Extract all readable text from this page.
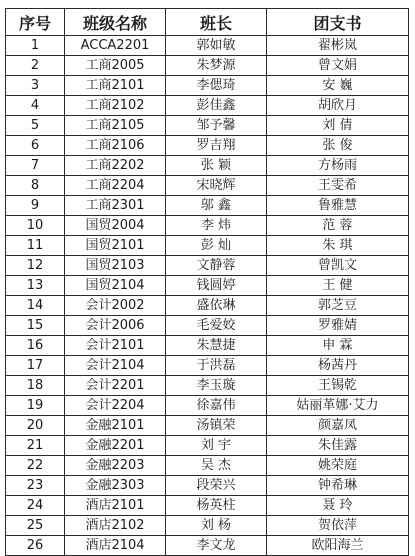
序号	班级名称	班长	团支书
1	ACCA2201	郭如敏	翟彬岚
2	工商2005	朱梦源	曾文娟
3	工商2101	李偲琦	安 巍
4	工商2102	彭佳鑫	胡欣月
5	工商2105	邹予馨	刘 倩
6	工商2106	罗吉翔	张 俊
7	工商2202	张 颖	方杨雨
8	工商2204	宋晓辉	王雯希
9	工商2301	邬 鑫	鲁雅慧
10	国贸2004	李 炜	范 蓉
11	国贸2101	彭 灿	朱 琪
12	国贸2103	文静蓉	曾凯文
13	国贸2104	钱圆婷	王 健
14	会计2002	盛依琳	郭芝豆
15	会计2006	毛爱姣	罗雅婧
16	会计2101	朱慧捷	申 霖
17	会计2104	于洪磊	杨茜丹
18	会计2201	李玉璇	王锡乾
19	会计2204	徐嘉伟	姑丽革娜·艾力
20	金融2101	汤镇荣	颜嘉凤
21	金融2201	刘 宇	朱佳露
22	金融2203	吴 杰	姚荣庭
23	金融2303	段荣兴	钟希琳
24	酒店2101	杨英柱	聂 玲
25	酒店2102	刘 杨	贺依萍
26	酒店2104	李文龙	欧阳海兰
